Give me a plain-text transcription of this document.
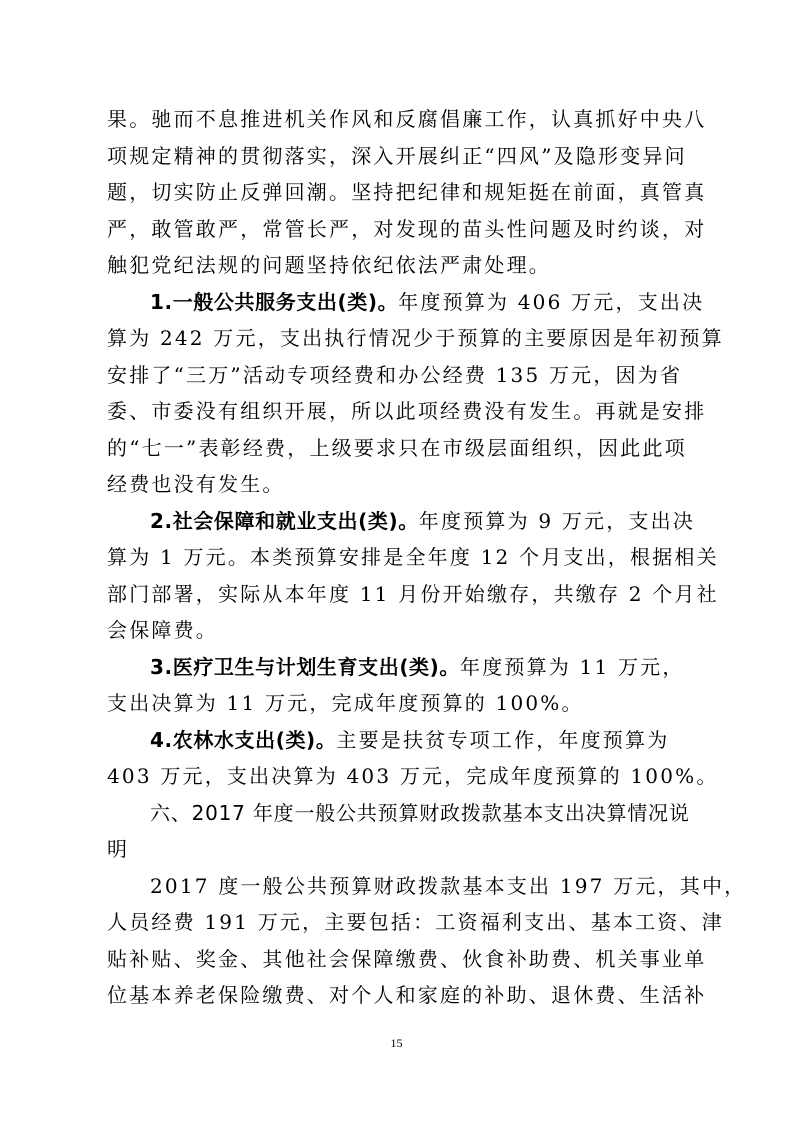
果。驰而不息推进机关作风和反腐倡廉工作，认真抓好中央八
项规定精神的贯彻落实，深入开展纠正“四风”及隐形变异问
题，切实防止反弹回潮。坚持把纪律和规矩挺在前面，真管真
严，敢管敢严，常管长严，对发现的苗头性问题及时约谈，对
触犯党纪法规的问题坚持依纪依法严肃处理。
1.一般公共服务支出(类)。年度预算为 406 万元，支出决
算为 242 万元，支出执行情况少于预算的主要原因是年初预算
安排了“三万”活动专项经费和办公经费 135 万元，因为省
委、市委没有组织开展，所以此项经费没有发生。再就是安排
的“七一”表彰经费，上级要求只在市级层面组织，因此此项
经费也没有发生。
2.社会保障和就业支出(类)。年度预算为 9 万元，支出决
算为 1 万元。本类预算安排是全年度 12 个月支出，根据相关
部门部署，实际从本年度 11 月份开始缴存，共缴存 2 个月社
会保障费。
3.医疗卫生与计划生育支出(类)。年度预算为 11 万元，
支出决算为 11 万元，完成年度预算的 100%。
4.农林水支出(类)。主要是扶贫专项工作，年度预算为
403 万元，支出决算为 403 万元，完成年度预算的 100%。
六、2017 年度一般公共预算财政拨款基本支出决算情况说
明
2017 度一般公共预算财政拨款基本支出 197 万元，其中，
人员经费 191 万元，主要包括：工资福利支出、基本工资、津
贴补贴、奖金、其他社会保障缴费、伙食补助费、机关事业单
位基本养老保险缴费、对个人和家庭的补助、退休费、生活补
15
